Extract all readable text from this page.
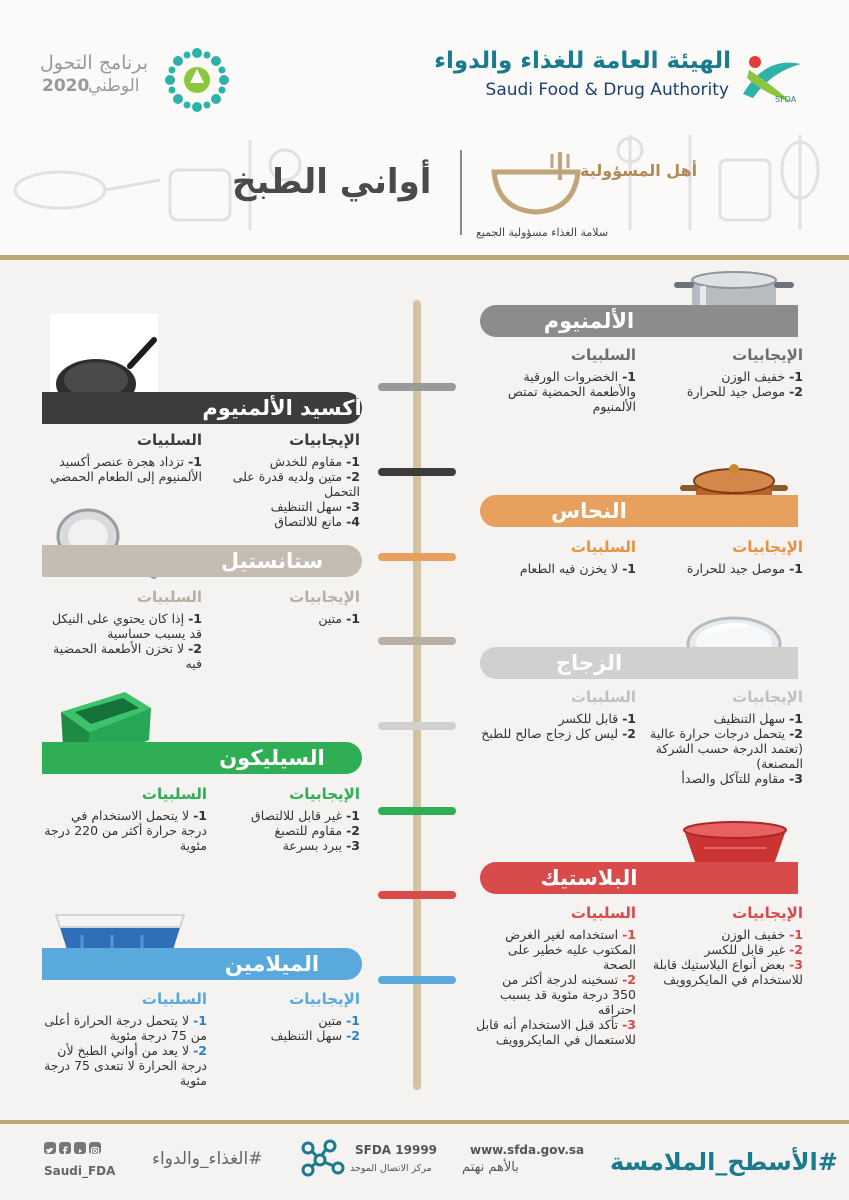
SFDA
الهيئة العامة للغذاء والدواء
Saudi Food & Drug Authority
برنامج التحول
الوطني
2020
أهل المسؤولية
سلامة الغذاء مسؤولية الجميع
أواني الطبخ
الألمنيوم
الإيجابيات
1- خفيف الوزن
2- موصل جيد للحرارة
السلبيات
1- الخضروات الورقية والأطعمة الحمضية تمتص الألمنيوم
أكسيد الألمنيوم
الإيجابيات
1- مقاوم للخدش
2- متين ولديه قدرة على التحمل
3- سهل التنظيف
4- مانع للالتصاق
السلبيات
1- تزداد هجرة عنصر أكسيد الألمنيوم إلى الطعام الحمضي
النحاس
الإيجابيات
1- موصل جيد للحرارة
السلبيات
1- لا يخزن فيه الطعام
ستانستيل
الإيجابيات
1- متين
السلبيات
1- إذا كان يحتوي على النيكل قد يسبب حساسية
2- لا تخزن الأطعمة الحمضية فيه	الزجاج
الإيجابيات
1- سهل التنظيف
2- يتحمل درجات حرارة عالية (تعتمد الدرجة حسب الشركة المصنعة)
3- مقاوم للتآكل والصدأ
السلبيات
1- قابل للكسر
2- ليس كل زجاج صالح للطبخ
السيليكون
الإيجابيات
1- غير قابل للالتصاق
2- مقاوم للتصبغ
3- يبرد بسرعة
السلبيات
1- لا يتحمل الاستخدام في درجة حرارة أكثر من 220 درجة مئوية
البلاستيك
الإيجابيات
1- خفيف الوزن
2- غير قابل للكسر
3- بعض أنواع البلاستيك قابلة للاستخدام في المايكروويف
السلبيات
1- استخدامه لغير الغرض المكتوب عليه خطير على الصحة
2- تسخينه لدرجة أكثر من 350 درجة مئوية قد يسبب احتراقه
3- تأكد قبل الاستخدام أنه قابل للاستعمال في المايكروويف
الميلامين
الإيجابيات
1- متين
2- سهل التنظيف
السلبيات
1- لا يتحمل درجة الحرارة أعلى من 75 درجة مئوية
2- لا يعد من أواني الطبخ لأن درجة الحرارة لا تتعدى 75 درجة مئوية
#الأسطح_الملامسة
www.sfda.gov.sa
بالأهم نهتم
SFDA 19999
مركز الاتصال الموحد
#الغذاء_والدواء
Saudi_FDA
